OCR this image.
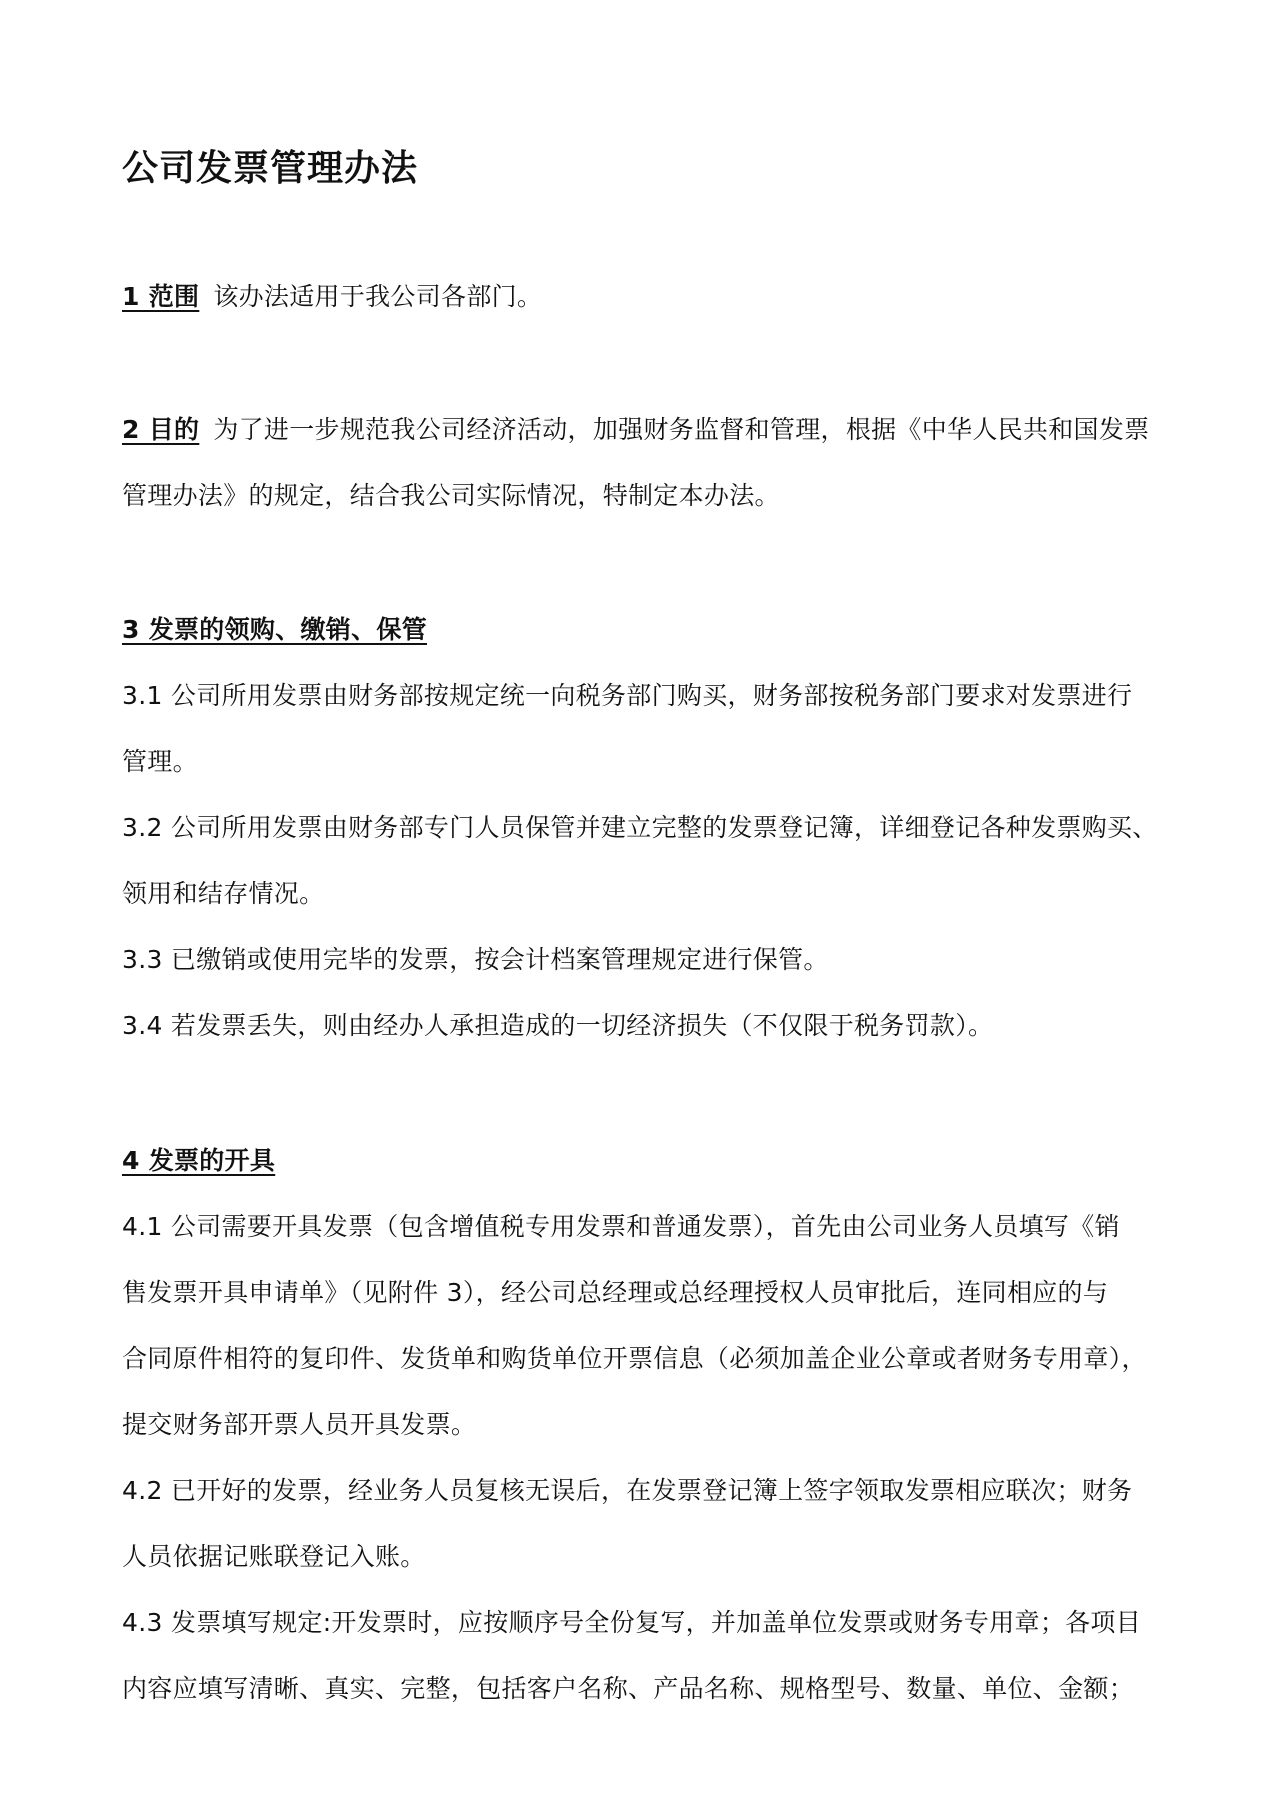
公司发票管理办法
1 范围 该办法适用于我公司各部门。
2 目的 为了进一步规范我公司经济活动，加强财务监督和管理，根据《中华人民共和国发票
管理办法》的规定，结合我公司实际情况，特制定本办法。
3 发票的领购、缴销、保管
3.1 公司所用发票由财务部按规定统一向税务部门购买，财务部按税务部门要求对发票进行
管理。
3.2 公司所用发票由财务部专门人员保管并建立完整的发票登记簿，详细登记各种发票购买、
领用和结存情况。
3.3 已缴销或使用完毕的发票，按会计档案管理规定进行保管。
3.4 若发票丢失，则由经办人承担造成的一切经济损失（不仅限于税务罚款）。
4 发票的开具
4.1 公司需要开具发票（包含增值税专用发票和普通发票），首先由公司业务人员填写《销
售发票开具申请单》（见附件 3），经公司总经理或总经理授权人员审批后，连同相应的与
合同原件相符的复印件、发货单和购货单位开票信息（必须加盖企业公章或者财务专用章），
提交财务部开票人员开具发票。
4.2 已开好的发票，经业务人员复核无误后，在发票登记簿上签字领取发票相应联次；财务
人员依据记账联登记入账。
4.3 发票填写规定:开发票时，应按顺序号全份复写，并加盖单位发票或财务专用章；各项目
内容应填写清晰、真实、完整，包括客户名称、产品名称、规格型号、数量、单位、金额；
